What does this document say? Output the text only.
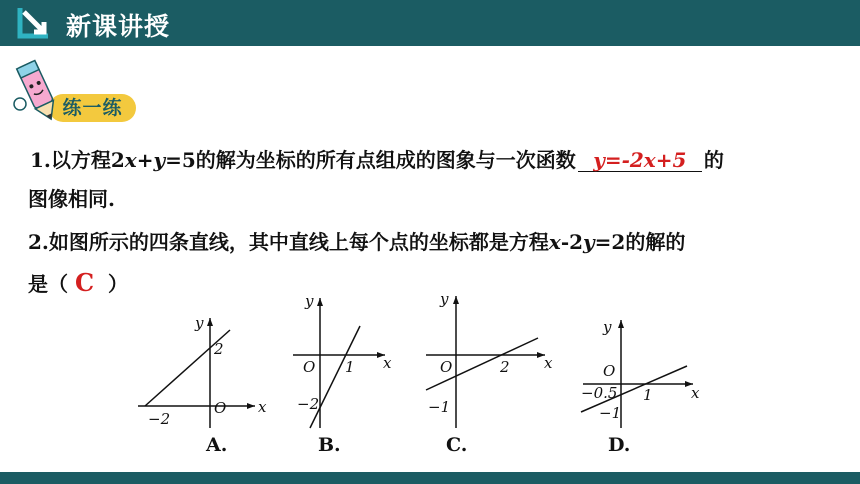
新课讲授
练一练
1.以方程2x+y=5的解为坐标的所有点组成的图象与一次函数 y=-2x+5 的
图像相同.
2.如图所示的四条直线，其中直线上每个点的坐标都是方程x-2y=2的解的
是（ C ）
x
y
O
−2
2
A.
x
y
O 1
−2
B.
x
y
O	2
−1
C.
x
y
O
1
−0.5
−1
D.
